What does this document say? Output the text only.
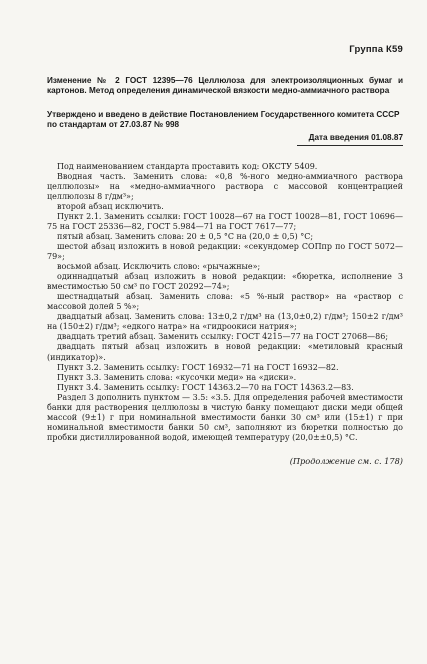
Группа К59
Изменение № 2 ГОСТ 12395—76 Целлюлоза для электроизоляционных бумаг и картонов. Метод определения динамической вязкости медно-аммиачного раствора
Утверждено и введено в действие Постановлением Государственного комитета СССР по стандартам от 27.03.87 № 998
Дата введения 01.08.87

Под наименованием стандарта проставить код: ОКСТУ 5409.

Вводная часть. Заменить слова: «0,8 %-ного медно-аммиачного раствора целлюлозы» на «медно-аммиачного раствора с массовой концентрацией целлюлозы 8 г/дм³»;

второй абзац исключить.

Пункт 2.1. Заменить ссылки: ГОСТ 10028—67 на ГОСТ 10028—81, ГОСТ 10696—75 на ГОСТ 25336—82, ГОСТ 5.984—71 на ГОСТ 7617—77;

пятый абзац. Заменить слова: 20 ± 0,5 °С на (20,0 ± 0,5) °С;

шестой абзац изложить в новой редакции: «секундомер СОПпр по ГОСТ 5072—79»;

восьмой абзац. Исключить слово: «рычажные»;

одиннадцатый абзац изложить в новой редакции: «бюретка, исполнение 3 вместимостью 50 см³ по ГОСТ 20292—74»;

шестнадцатый абзац. Заменить слова: «5 %-ный раствор» на «раствор с массовой долей 5 %»;

двадцатый абзац. Заменить слова: 13±0,2 г/дм³ на (13,0±0,2) г/дм³; 150±2 г/дм³ на (150±2) г/дм³; «едкого натра» на «гидроокиси натрия»;

двадцать третий абзац. Заменить ссылку: ГОСТ 4215—77 на ГОСТ 27068—86;

двадцать пятый абзац изложить в новой редакции: «метиловый красный (индикатор)».

Пункт 3.2. Заменить ссылку: ГОСТ 16932—71 на ГОСТ 16932—82.

Пункт 3.3. Заменить слова: «кусочки меди» на «диски».

Пункт 3.4. Заменить ссылку: ГОСТ 14363.2—70 на ГОСТ 14363.2—83.

Раздел 3 дополнить пунктом — 3.5: «3.5. Для определения рабочей вместимости банки для растворения целлюлозы в чистую банку помещают диски меди общей массой (9±1) г при номинальной вместимости банки 30 см³ или (15±1) г при номинальной вместимости банки 50 см³, заполняют из бюретки полностью до пробки дистиллированной водой, имеющей температуру (20,0±±0,5) °С.

(Продолжение см. с. 178)
